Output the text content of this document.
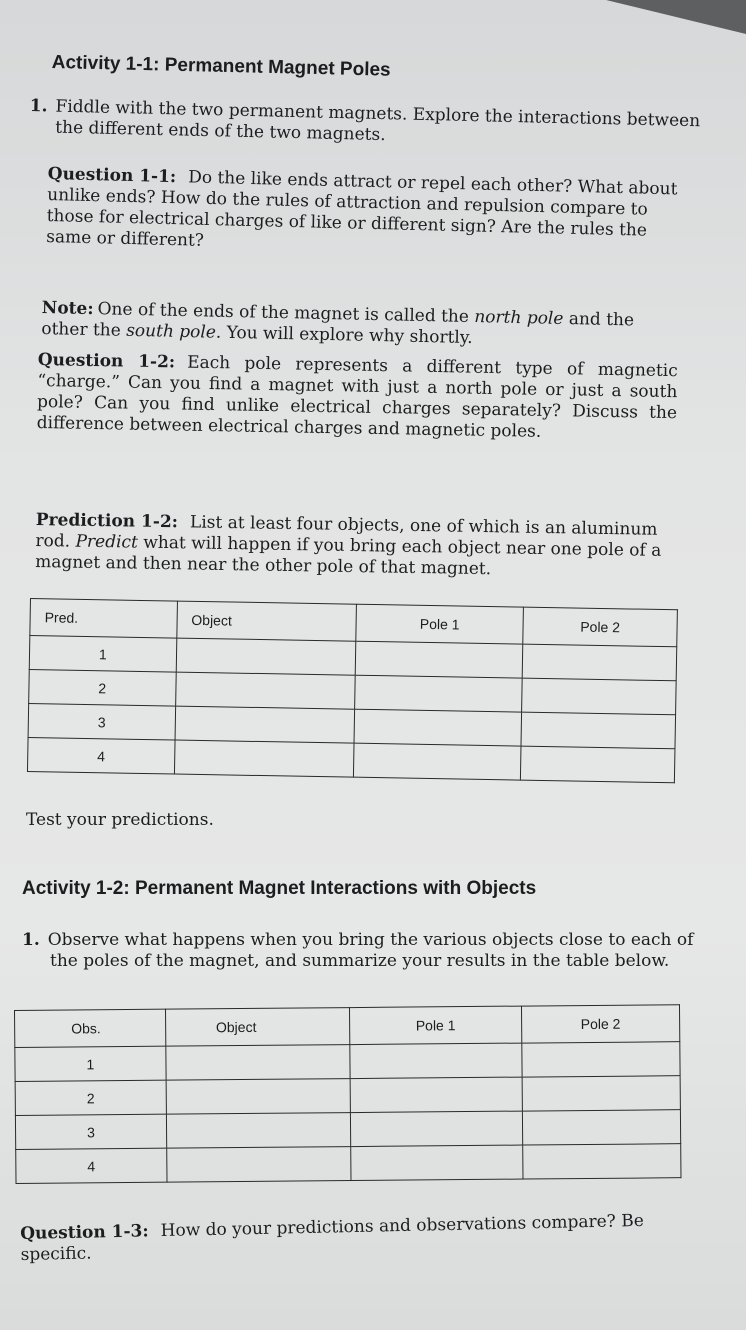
Activity 1-1: Permanent Magnet Poles

1. Fiddle with the two permanent magnets. Explore the interactions between the different ends of the two magnets.

Question 1-1: Do the like ends attract or repel each other? What about unlike ends? How do the rules of attraction and repulsion compare to those for electrical charges of like or different sign? Are the rules the same or different?

Note: One of the ends of the magnet is called the north pole and the other the south pole. You will explore why shortly.

Question 1-2: Each pole represents a different type of magnetic “charge.” Can you find a magnet with just a north pole or just a south pole? Can you find unlike electrical charges separately? Discuss the difference between electrical charges and magnetic poles.

Prediction 1-2: List at least four objects, one of which is an aluminum rod. Predict what will happen if you bring each object near one pole of a magnet and then near the other pole of that magnet.

Pred.	Object	Pole 1	Pole 2

1			
2			
3			
4			

Test your predictions.

Activity 1-2: Permanent Magnet Interactions with Objects

1. Observe what happens when you bring the various objects close to each of the poles of the magnet, and summarize your results in the table below.

Obs.	Object	Pole 1	Pole 2

1			
2			
3			
4			

Question 1-3: How do your predictions and observations compare? Be specific.
